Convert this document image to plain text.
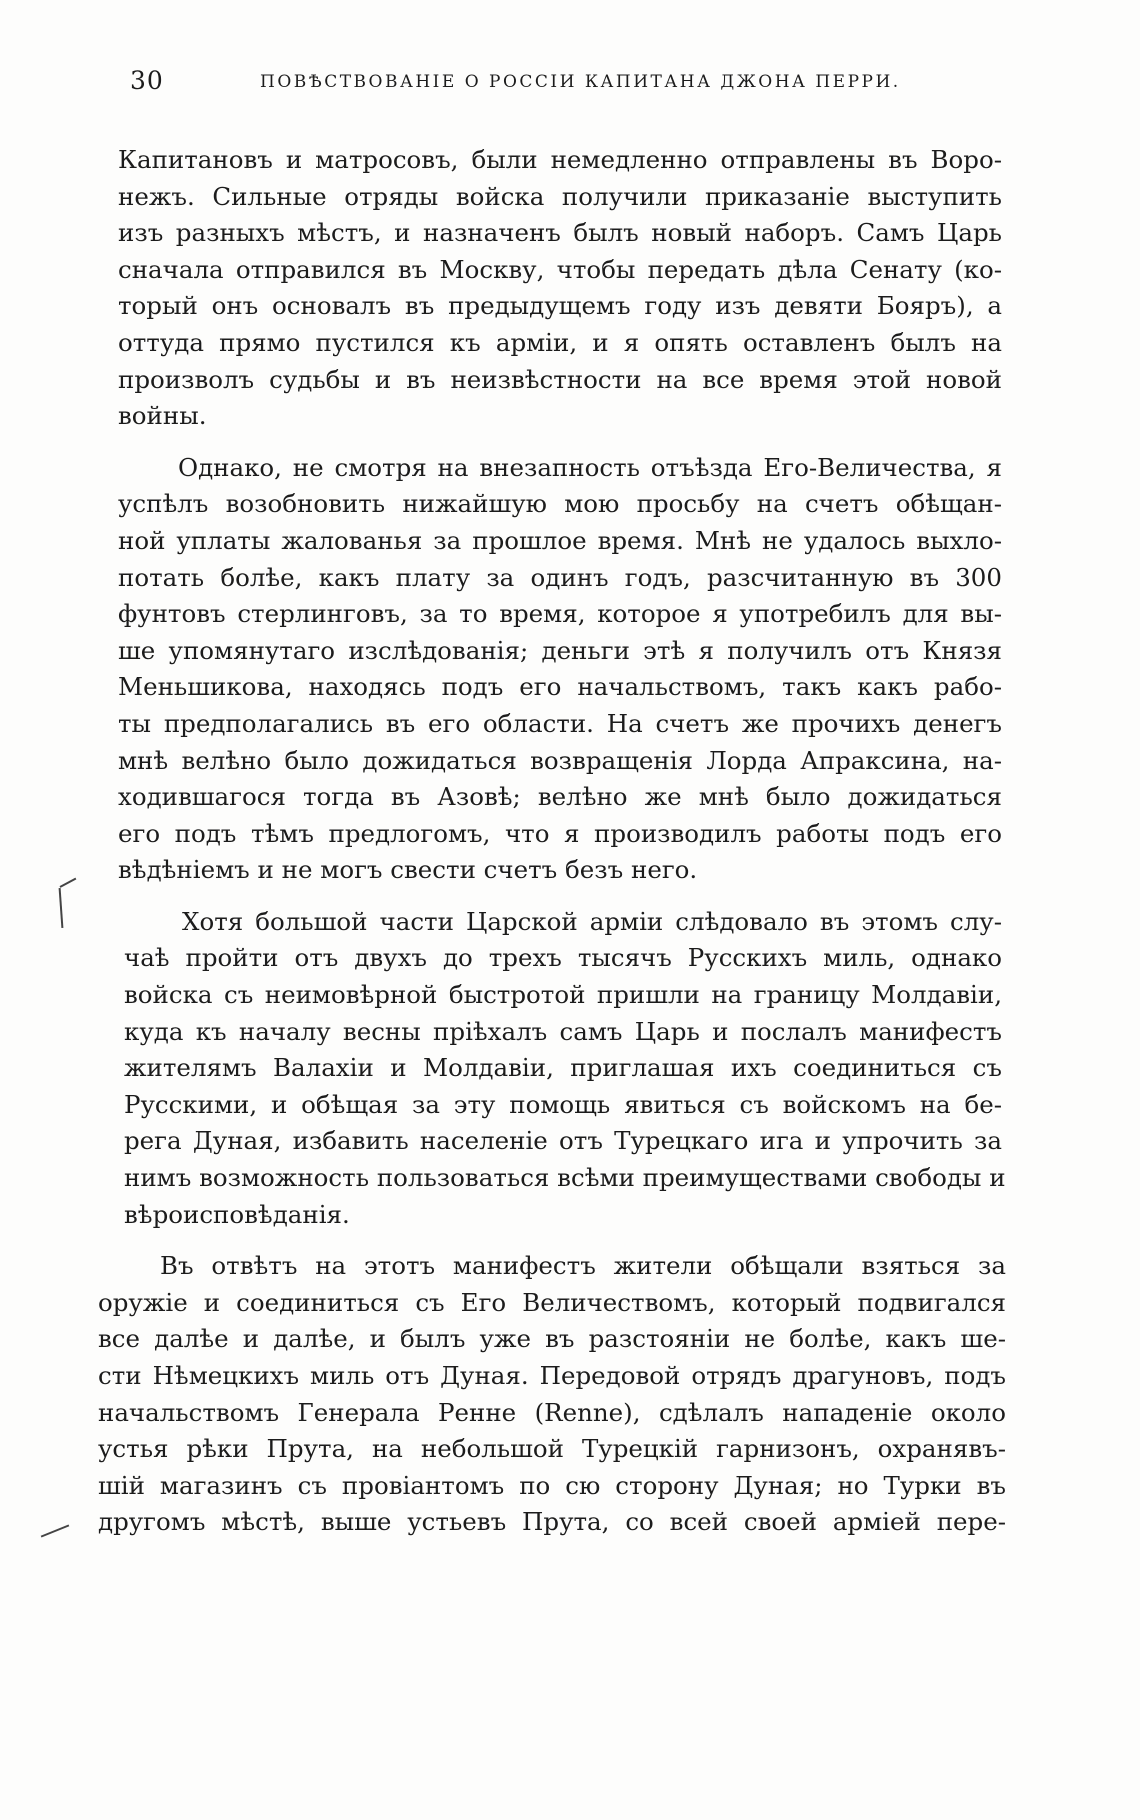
30	ПОВѢСТВОВАНІЕ О РОССІИ КАПИТАНА ДЖОНА ПЕРРИ.
Капитановъ и матросовъ, были немедленно отправлены въ Воро-
нежъ. Сильные отряды войска получили приказаніе выступить
изъ разныхъ мѣстъ, и назначенъ былъ новый наборъ. Самъ Царь
сначала отправился въ Москву, чтобы передать дѣла Сенату (ко-
торый онъ основалъ въ предыдущемъ году изъ девяти Бояръ), а
оттуда прямо пустился къ арміи, и я опять оставленъ былъ на
произволъ судьбы и въ неизвѣстности на все время этой новой
войны.
Однако, не смотря на внезапность отъѣзда Его-Величества, я
успѣлъ возобновить нижайшую мою просьбу на счетъ обѣщан-
ной уплаты жалованья за прошлое время. Мнѣ не удалось выхло-
потать болѣе, какъ плату за одинъ годъ, разсчитанную въ 300
фунтовъ стерлинговъ, за то время, которое я употребилъ для вы-
ше упомянутаго изслѣдованія; деньги этѣ я получилъ отъ Князя
Меньшикова, находясь подъ его начальствомъ, такъ какъ рабо-
ты предполагались въ его области. На счетъ же прочихъ денегъ
мнѣ велѣно было дожидаться возвращенія Лорда Апраксина, на-
ходившагося тогда въ Азовѣ; велѣно же мнѣ было дожидаться
его подъ тѣмъ предлогомъ, что я производилъ работы подъ его
вѣдѣніемъ и не могъ свести счетъ безъ него.
Хотя большой части Царской арміи слѣдовало въ этомъ слу-
чаѣ пройти отъ двухъ до трехъ тысячъ Русскихъ миль, однако
войска съ неимовѣрной быстротой пришли на границу Молдавіи,
куда къ началу весны пріѣхалъ самъ Царь и послалъ манифестъ
жителямъ Валахіи и Молдавіи, приглашая ихъ соединиться съ
Русскими, и обѣщая за эту помощь явиться съ войскомъ на бе-
рега Дуная, избавить населеніе отъ Турецкаго ига и упрочить за
нимъ возможность пользоваться всѣми преимуществами свободы и
вѣроисповѣданія.
Въ отвѣтъ на этотъ манифестъ жители обѣщали взяться за
оружіе и соединиться съ Его Величествомъ, который подвигался
все далѣе и далѣе, и былъ уже въ разстояніи не болѣе, какъ ше-
сти Нѣмецкихъ миль отъ Дуная. Передовой отрядъ драгуновъ, подъ
начальствомъ Генерала Ренне (Renne), сдѣлалъ нападеніе около
устья рѣки Прута, на небольшой Турецкій гарнизонъ, охранявъ-
шій магазинъ съ провіантомъ по сю сторону Дуная; но Турки въ
другомъ мѣстѣ, выше устьевъ Прута, со всей своей арміей пере-
